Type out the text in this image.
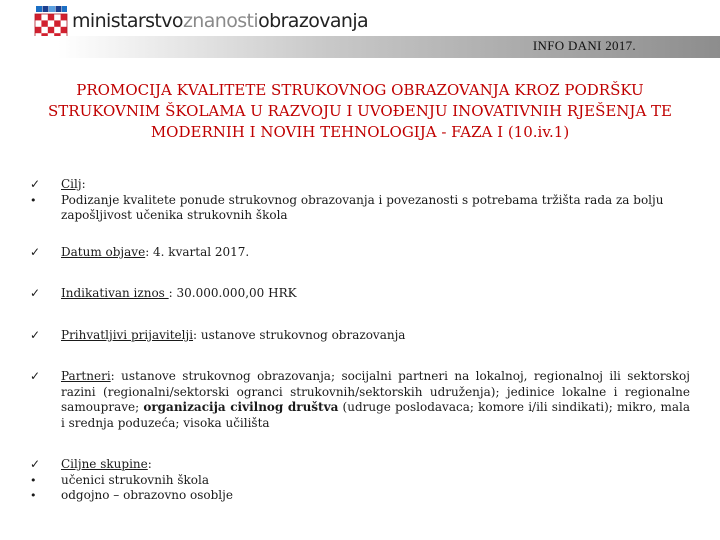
ministarstvoznanostiobrazovanja
INFO DANI 2017.
PROMOCIJA KVALITETE STRUKOVNOG OBRAZOVANJA KROZ PODRŠKU STRUKOVNIM ŠKOLAMA U RAZVOJU I UVOĐENJU INOVATIVNIH RJEŠENJA TE MODERNIH I NOVIH TEHNOLOGIJA - FAZA I (10.iv.1)
✓	Cilj:
•	Podizanje kvalitete ponude strukovnog obrazovanja i povezanosti s potrebama tržišta rada za bolju zapošljivost učenika strukovnih škola
✓	Datum objave: 4. kvartal 2017.
✓	Indikativan iznos : 30.000.000,00 HRK
✓	Prihvatljivi prijavitelji: ustanove strukovnog obrazovanja
✓	Partneri: ustanove strukovnog obrazovanja; socijalni partneri na lokalnoj, regionalnoj ili sektorskoj razini (regionalni/sektorski ogranci strukovnih/sektorskih udruženja); jedinice lokalne i regionalne samouprave; organizacija civilnog društva (udruge poslodavaca; komore i/ili sindikati); mikro, mala i srednja poduzeća; visoka učilišta
✓	Ciljne skupine:
•	učenici strukovnih škola
•	odgojno – obrazovno osoblje
